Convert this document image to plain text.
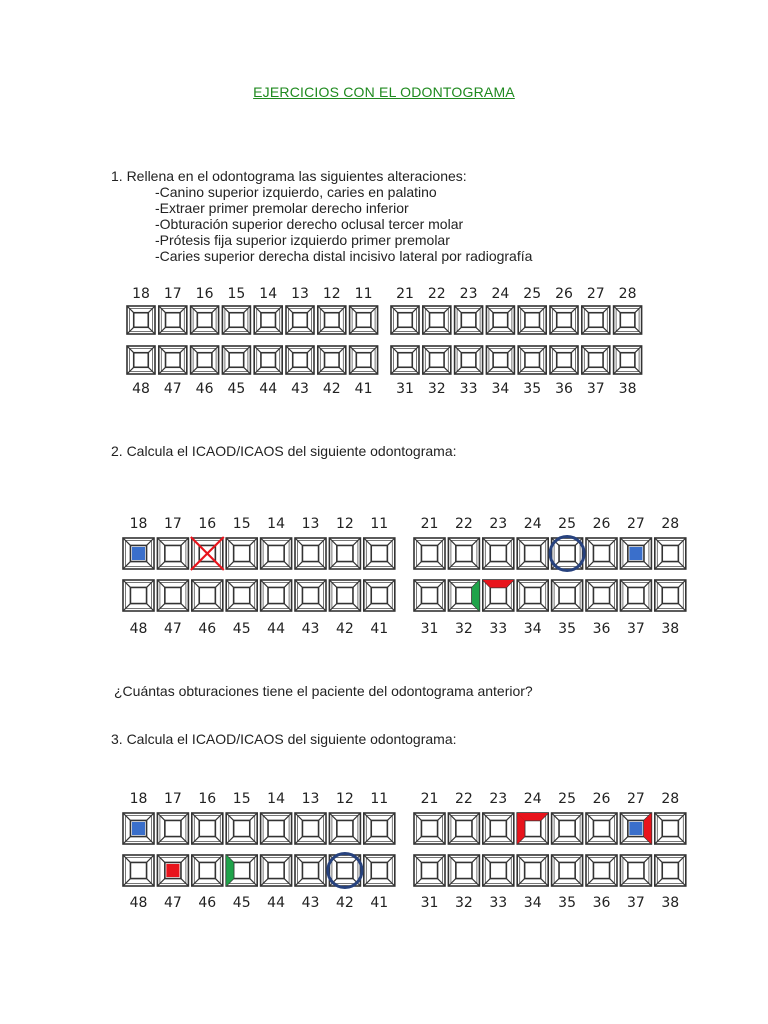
EJERCICIOS CON EL ODONTOGRAMA
1. Rellena en el odontograma las siguientes alteraciones:
-Canino superior izquierdo, caries en palatino
-Extraer primer premolar derecho inferior
-Obturación superior derecho oclusal tercer molar
-Prótesis fija superior izquierdo primer premolar
-Caries superior derecha distal incisivo lateral por radiografía
2. Calcula el ICAOD/ICAOS del siguiente odontograma:
¿Cuántas obturaciones tiene el paciente del odontograma anterior?
3. Calcula el ICAOD/ICAOS del siguiente odontograma:
18 17 16 15 14 13 12 11 21 22 23 24 25 26 27 28
48 47 46 45 44 43 42 41 31 32 33 34 35 36 37 38
18 17 16 15 14 13 12 11 21 22 23 24 25 26 27 28
48 47 46 45 44 43 42 41 31 32 33 34 35 36 37 38
18 17 16 15 14 13 12 11 21 22 23 24 25 26 27 28
48 47 46 45 44 43 42 41 31 32 33 34 35 36 37 38
